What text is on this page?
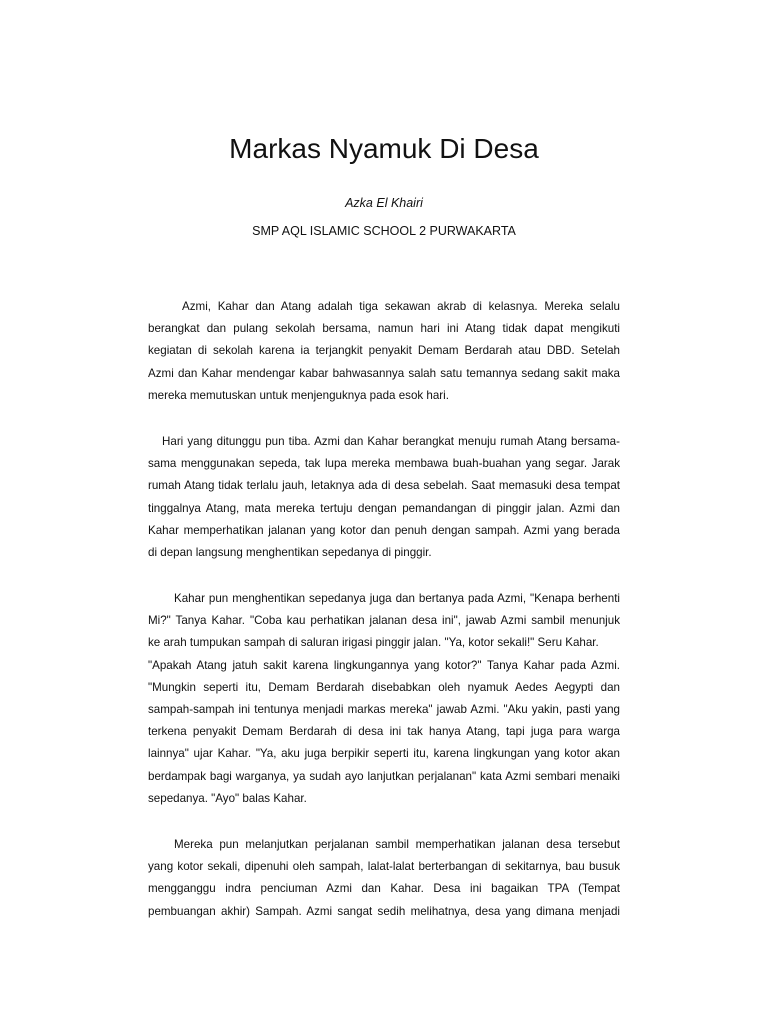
Markas Nyamuk Di Desa
Azka El Khairi
SMP AQL ISLAMIC SCHOOL 2 PURWAKARTA
Azmi, Kahar dan Atang adalah tiga sekawan akrab di kelasnya. Mereka selalu
berangkat dan pulang sekolah bersama, namun hari ini Atang tidak dapat mengikuti
kegiatan di sekolah karena ia terjangkit penyakit Demam Berdarah atau DBD. Setelah
Azmi dan Kahar mendengar kabar bahwasannya salah satu temannya sedang sakit maka
mereka memutuskan untuk menjenguknya pada esok hari.
Hari yang ditunggu pun tiba. Azmi dan Kahar berangkat menuju rumah Atang bersama-
sama menggunakan sepeda, tak lupa mereka membawa buah-buahan yang segar. Jarak
rumah Atang tidak terlalu jauh, letaknya ada di desa sebelah. Saat memasuki desa tempat
tinggalnya Atang, mata mereka tertuju dengan pemandangan di pinggir jalan. Azmi dan
Kahar memperhatikan jalanan yang kotor dan penuh dengan sampah. Azmi yang berada
di depan langsung menghentikan sepedanya di pinggir.
Kahar pun menghentikan sepedanya juga dan bertanya pada Azmi, "Kenapa berhenti
Mi?" Tanya Kahar. "Coba kau perhatikan jalanan desa ini", jawab Azmi sambil menunjuk
ke arah tumpukan sampah di saluran irigasi pinggir jalan. "Ya, kotor sekali!" Seru Kahar.
"Apakah Atang jatuh sakit karena lingkungannya yang kotor?" Tanya Kahar pada Azmi.
"Mungkin seperti itu, Demam Berdarah disebabkan oleh nyamuk Aedes Aegypti dan
sampah-sampah ini tentunya menjadi markas mereka" jawab Azmi. "Aku yakin, pasti yang
terkena penyakit Demam Berdarah di desa ini tak hanya Atang, tapi juga para warga
lainnya" ujar Kahar. "Ya, aku juga berpikir seperti itu, karena lingkungan yang kotor akan
berdampak bagi warganya, ya sudah ayo lanjutkan perjalanan" kata Azmi sembari menaiki
sepedanya. "Ayo" balas Kahar.
Mereka pun melanjutkan perjalanan sambil memperhatikan jalanan desa tersebut
yang kotor sekali, dipenuhi oleh sampah, lalat-lalat berterbangan di sekitarnya, bau busuk
mengganggu indra penciuman Azmi dan Kahar. Desa ini bagaikan TPA (Tempat
pembuangan akhir) Sampah. Azmi sangat sedih melihatnya, desa yang dimana menjadi
